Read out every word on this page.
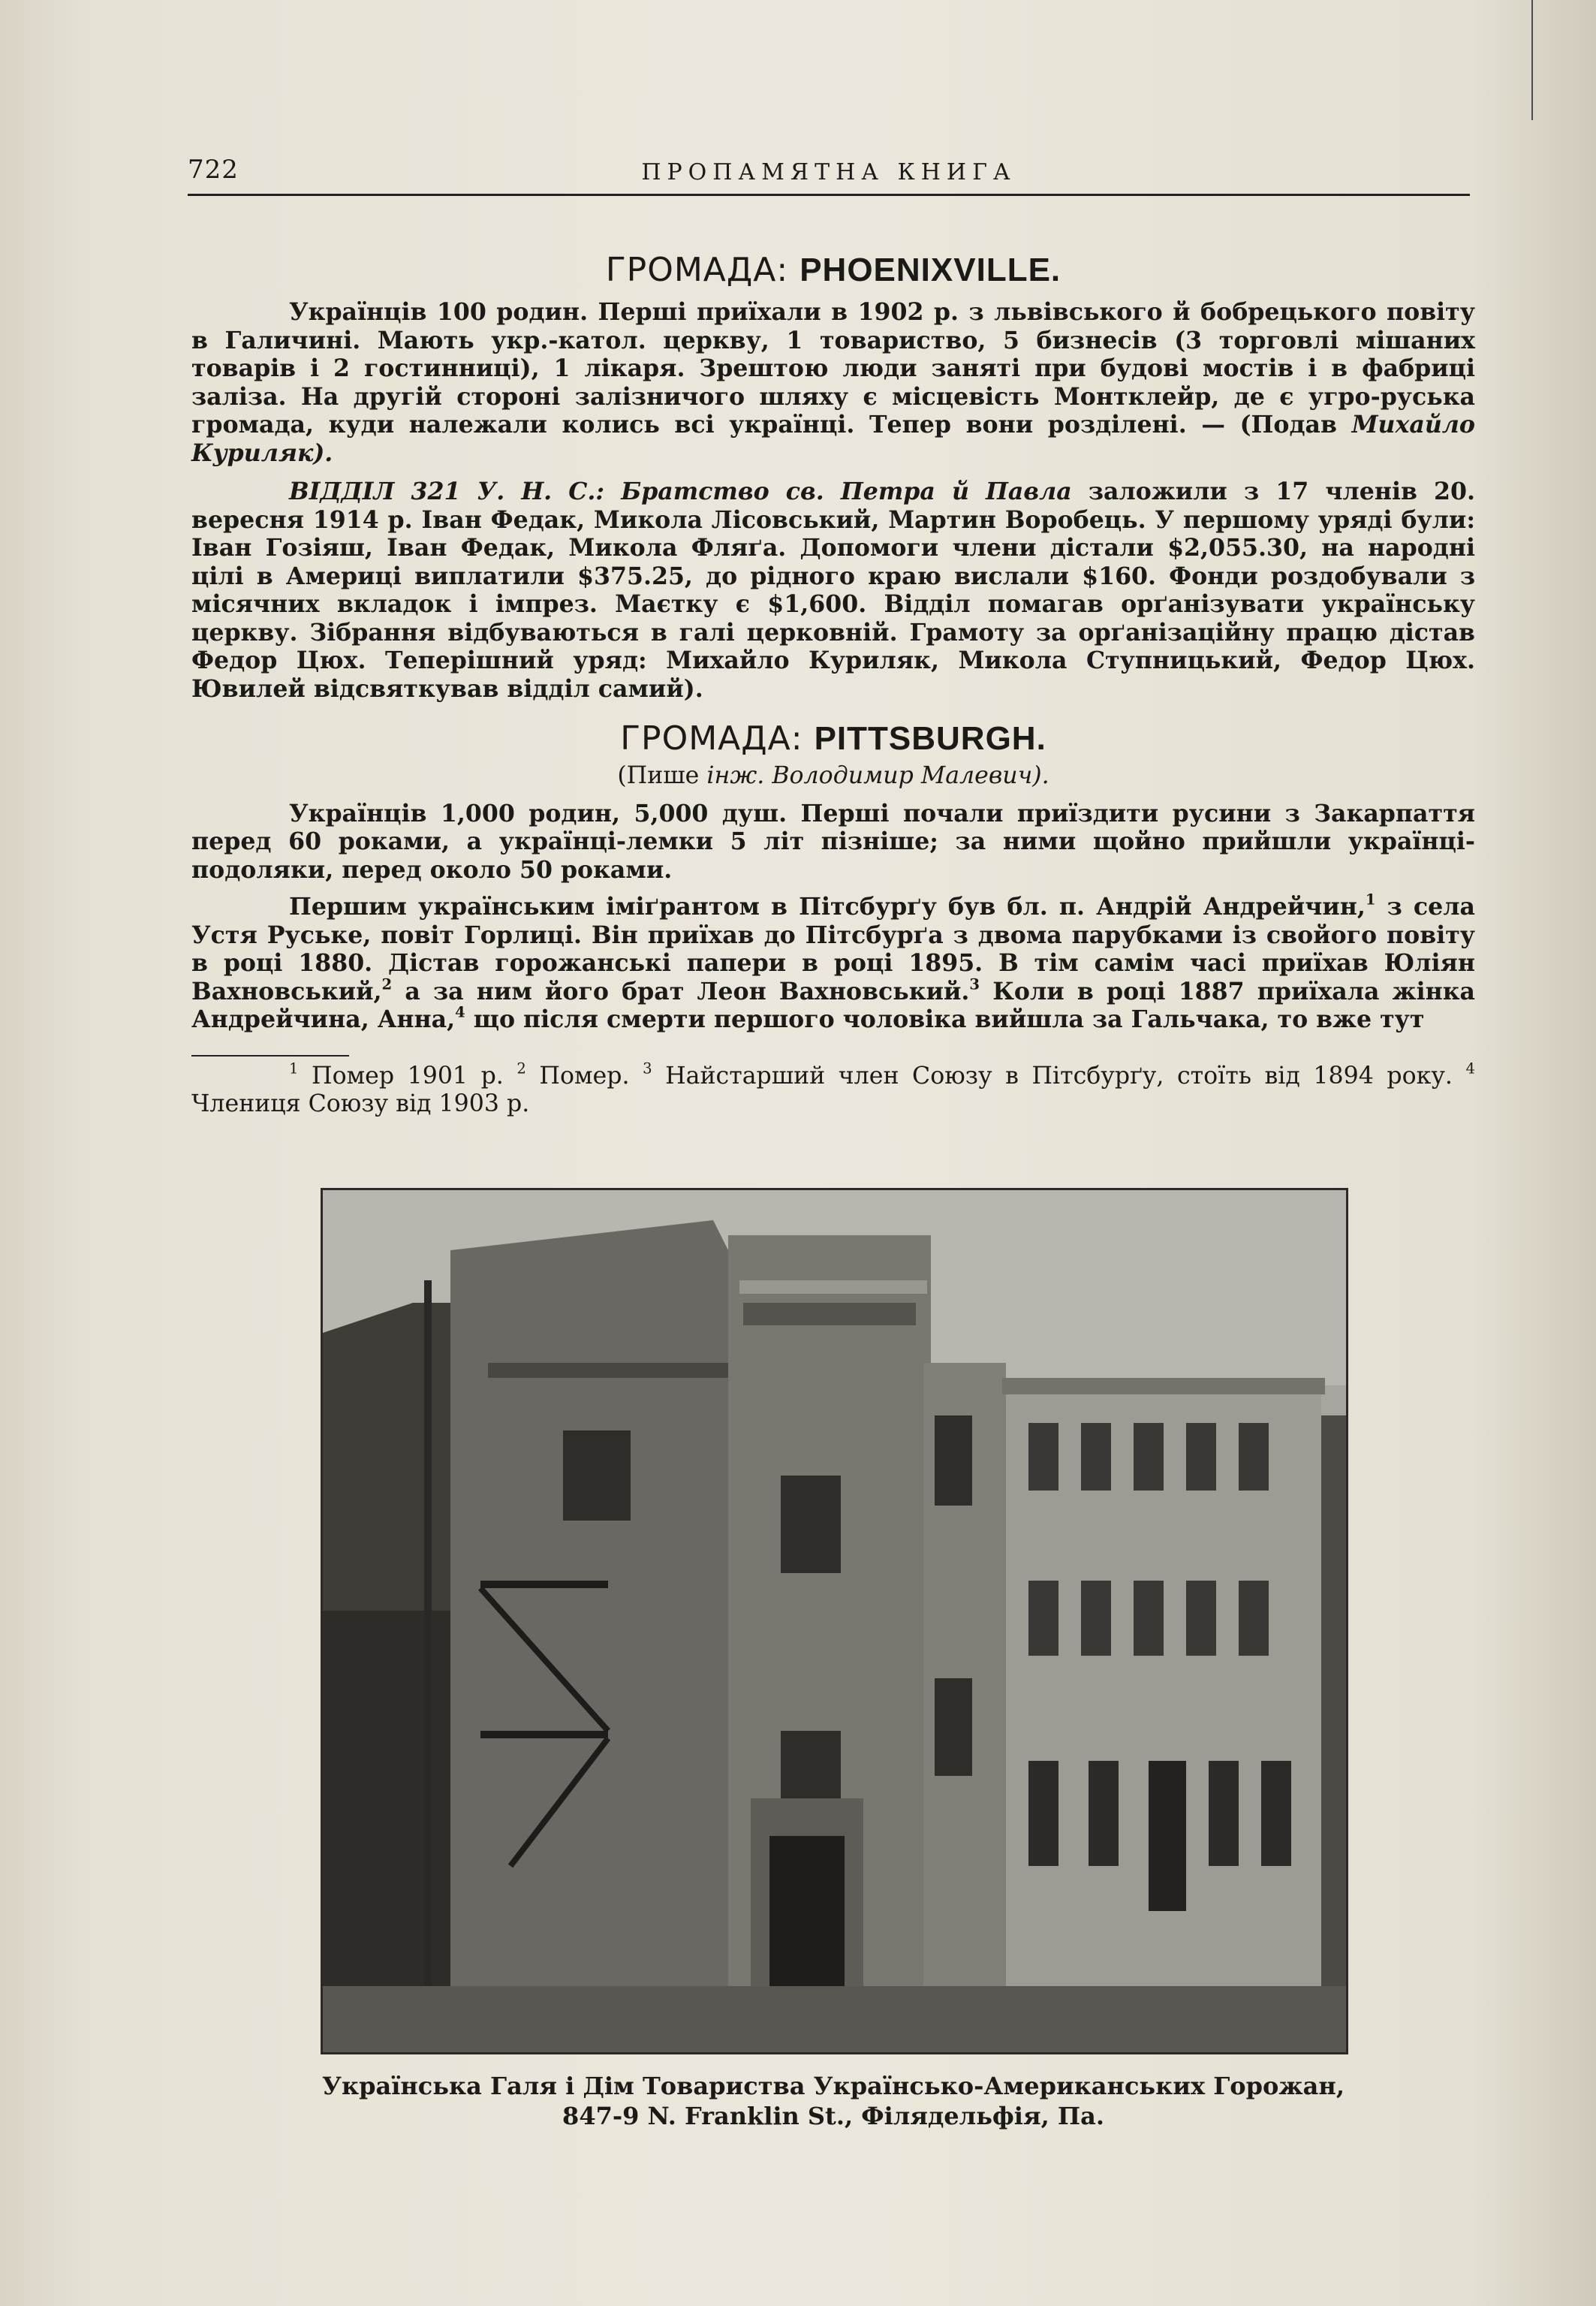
722	ПРОПАМЯТНА КНИГА
ГРОМАДА: PHOENIXVILLE.

Українців 100 родин. Перші приїхали в 1902 р. з львівського й бобрецького повіту в Галичині. Мають укр.-катол. церкву, 1 товариство, 5 бизнесів (3 торговлі мішаних товарів і 2 гостинниці), 1 лікаря. Зрештою люди заняті при будові мостів і в фабриці заліза. На другій стороні залізничого шляху є місцевість Монтклейр, де є угро-руська громада, куди належали колись всі українці. Тепер вони розділені. — (Подав Михайло Куриляк).

ВІДДІЛ 321 У. Н. С.: Братство св. Петра й Павла заложили з 17 членів 20. вересня 1914 р. Іван Федак, Микола Лісовський, Мартин Воробець. У першому уряді були: Іван Гозіяш, Іван Федак, Микола Фляґа. Допомоги члени дістали $2,055.30, на народні цілі в Америці виплатили $375.25, до рідного краю вислали $160. Фонди роздобували з місячних вкладок і імпрез. Маєтку є $1,600. Відділ помагав орґанізувати українську церкву. Зібрання відбуваються в галі церковній. Грамоту за орґанізаційну працю дістав Федор Цюх. Теперішний уряд: Михайло Куриляк, Микола Ступницький, Федор Цюх. Ювилей відсвяткував відділ самий).

ГРОМАДА: PITTSBURGH.

(Пише інж. Володимир Малевич).

Українців 1,000 родин, 5,000 душ. Перші почали приїздити русини з Закарпаття перед 60 роками, а українці-лемки 5 літ пізніше; за ними щойно прийшли українці-подоляки, перед около 50 роками.

Першим українським іміґрантом в Пітсбурґу був бл. п. Андрій Андрейчин,$^1$ з села Устя Руське, повіт Горлиці. Він приїхав до Пітсбурґа з двома парубками із свойого повіту в році 1880. Дістав горожанські папери в році 1895. В тім самім часі приїхав Юліян Вахновський,$^2$ а за ним його брат Леон Вахновський.$^3$ Коли в році 1887 приїхала жінка Андрейчина, Анна,$^4$ що після смерти першого чоловіка вийшла за Гальчака, то вже тут

$^1$ Помер 1901 р. $^2$ Помер. $^3$ Найстарший член Союзу в Пітсбурґу, стоїть від 1894 року. $^4$ Члениця Союзу від 1903 р.

Українська Галя і Дім Товариства Українсько-Американських Горожан,
847-9 N. Franklin St., Філядельфія, Па.
